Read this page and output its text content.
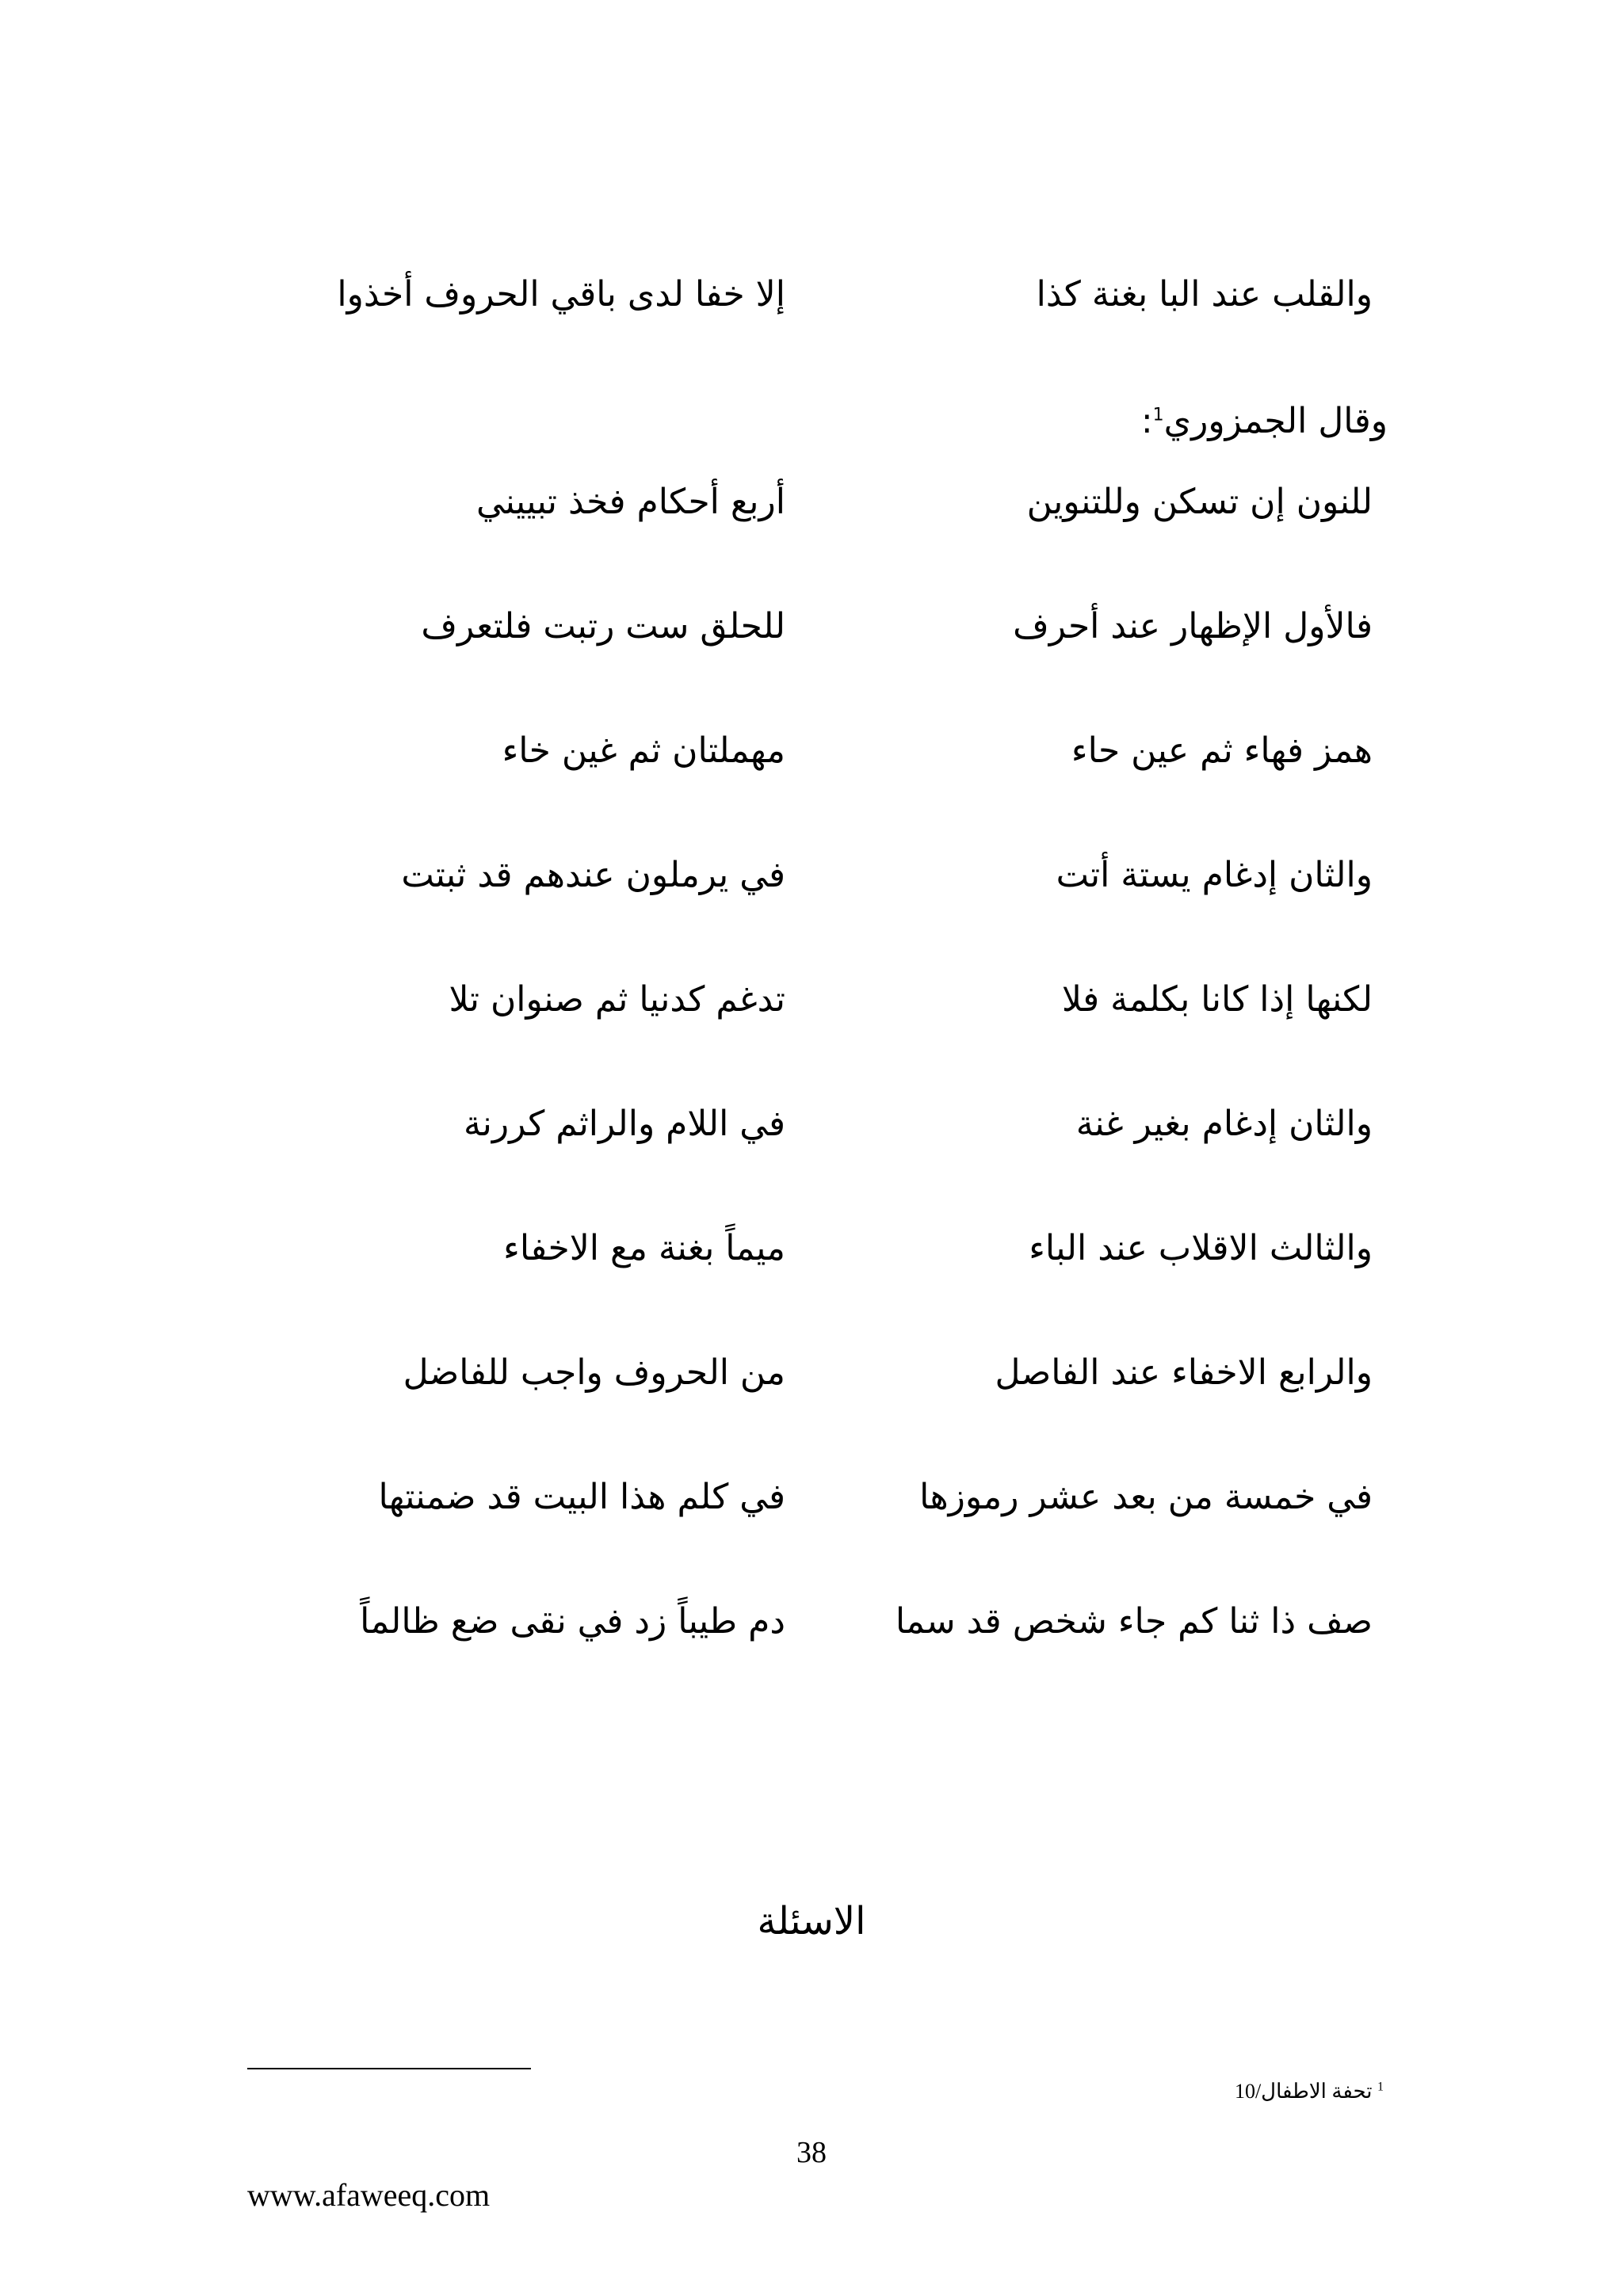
والقلب عند البا بغنة كذا
إلا خفا لدى باقي الحروف أخذوا
وقال الجمزوري$^1$:
للنون إن تسكن وللتنوين
أربع أحكام فخذ تبييني
فالأول الإظهار عند أحرف
للحلق ست رتبت فلتعرف
همز فهاء ثم عين حاء
مهملتان ثم غين خاء
والثان إدغام يستة أتت
في يرملون عندهم قد ثبتت
لكنها إذا كانا بكلمة فلا
تدغم كدنيا ثم صنوان تلا
والثان إدغام بغير غنة
في اللام والراثم كررنة
والثالث الاقلاب عند الباء
ميماً بغنة مع الاخفاء
والرابع الاخفاء عند الفاصل
من الحروف واجب للفاضل
في خمسة من بعد عشر رموزها
في كلم هذا البيت قد ضمنتها
صف ذا ثنا كم جاء شخص قد سما
دم طيباً زد في نقى ضع ظالماً
الاسئلة
$^1$ تحفة الاطفال/10
38
www.afaweeq.com
